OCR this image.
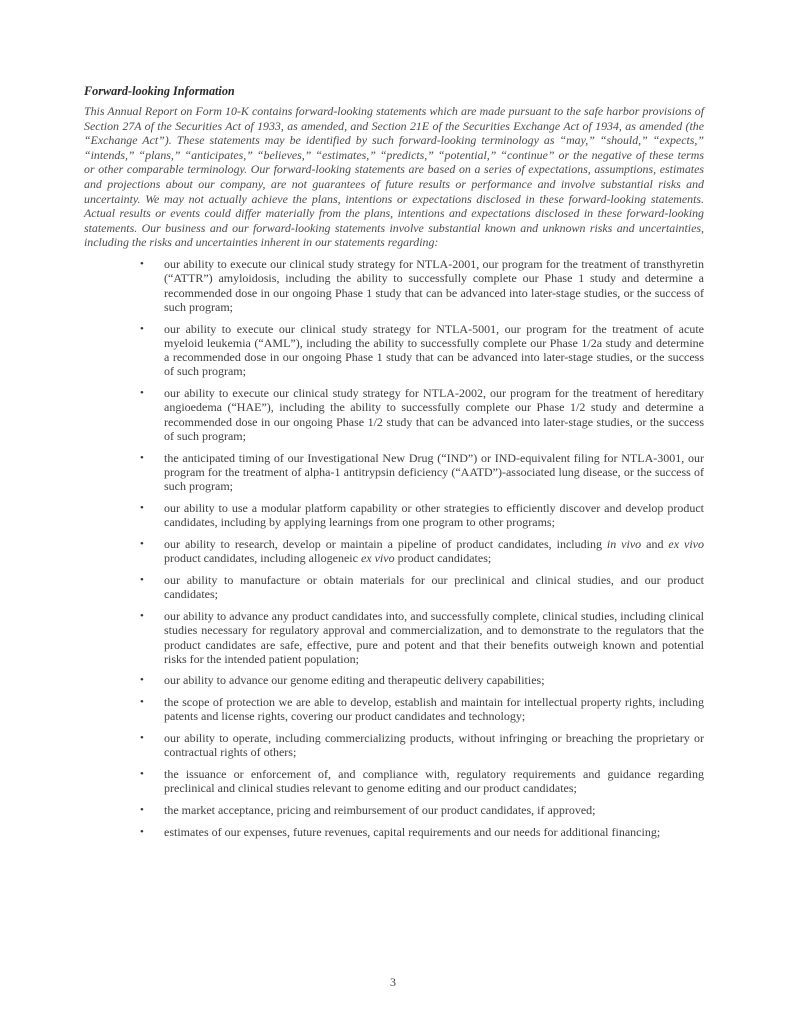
Forward-looking Information
This Annual Report on Form 10-K contains forward-looking statements which are made pursuant to the safe harbor provisions of Section 27A of the Securities Act of 1933, as amended, and Section 21E of the Securities Exchange Act of 1934, as amended (the “Exchange Act”). These statements may be identified by such forward-looking terminology as “may,” “should,” “expects,” “intends,” “plans,” “anticipates,” “believes,” “estimates,” “predicts,” “potential,” “continue” or the negative of these terms or other comparable terminology. Our forward-looking statements are based on a series of expectations, assumptions, estimates and projections about our company, are not guarantees of future results or performance and involve substantial risks and uncertainty. We may not actually achieve the plans, intentions or expectations disclosed in these forward-looking statements. Actual results or events could differ materially from the plans, intentions and expectations disclosed in these forward-looking statements. Our business and our forward-looking statements involve substantial known and unknown risks and uncertainties, including the risks and uncertainties inherent in our statements regarding:
• our ability to execute our clinical study strategy for NTLA-2001, our program for the treatment of transthyretin (“ATTR”) amyloidosis, including the ability to successfully complete our Phase 1 study and determine a recommended dose in our ongoing Phase 1 study that can be advanced into later-stage studies, or the success of such program;
• our ability to execute our clinical study strategy for NTLA-5001, our program for the treatment of acute myeloid leukemia (“AML”), including the ability to successfully complete our Phase 1/2a study and determine a recommended dose in our ongoing Phase 1 study that can be advanced into later-stage studies, or the success of such program;
• our ability to execute our clinical study strategy for NTLA-2002, our program for the treatment of hereditary angioedema (“HAE”), including the ability to successfully complete our Phase 1/2 study and determine a recommended dose in our ongoing Phase 1/2 study that can be advanced into later-stage studies, or the success of such program;
• the anticipated timing of our Investigational New Drug (“IND”) or IND-equivalent filing for NTLA-3001, our program for the treatment of alpha-1 antitrypsin deficiency (“AATD”)-associated lung disease, or the success of such program;
• our ability to use a modular platform capability or other strategies to efficiently discover and develop product candidates, including by applying learnings from one program to other programs;
• our ability to research, develop or maintain a pipeline of product candidates, including in vivo and ex vivo product candidates, including allogeneic ex vivo product candidates;
• our ability to manufacture or obtain materials for our preclinical and clinical studies, and our product candidates;
• our ability to advance any product candidates into, and successfully complete, clinical studies, including clinical studies necessary for regulatory approval and commercialization, and to demonstrate to the regulators that the product candidates are safe, effective, pure and potent and that their benefits outweigh known and potential risks for the intended patient population;
• our ability to advance our genome editing and therapeutic delivery capabilities;
• the scope of protection we are able to develop, establish and maintain for intellectual property rights, including patents and license rights, covering our product candidates and technology;
• our ability to operate, including commercializing products, without infringing or breaching the proprietary or contractual rights of others;
• the issuance or enforcement of, and compliance with, regulatory requirements and guidance regarding preclinical and clinical studies relevant to genome editing and our product candidates;
• the market acceptance, pricing and reimbursement of our product candidates, if approved;
• estimates of our expenses, future revenues, capital requirements and our needs for additional financing;
3
